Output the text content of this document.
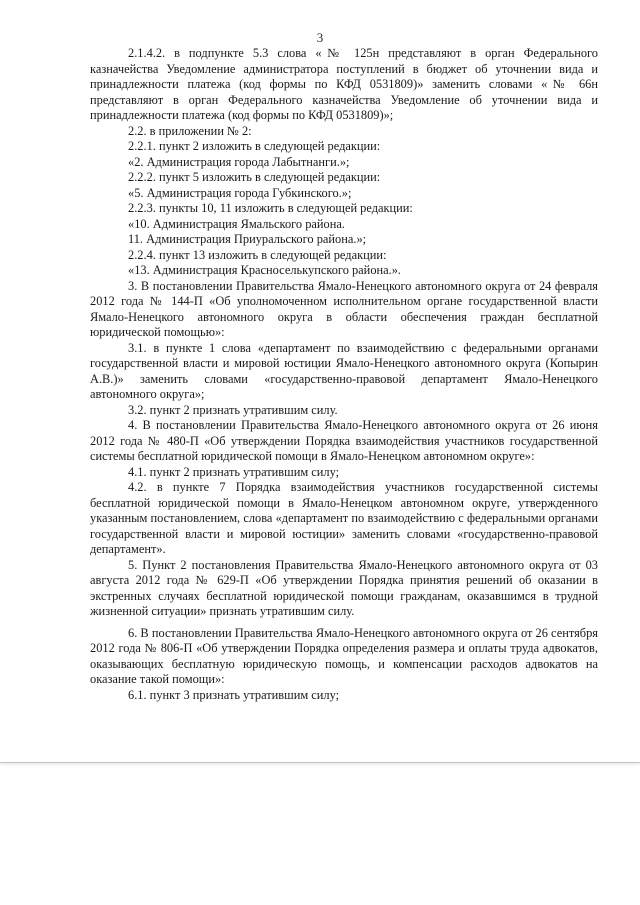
3

2.1.4.2. в подпункте 5.3 слова «№ 125н представляют в орган Федерального казначейства Уведомление администратора поступлений в бюджет об уточнении вида и принадлежности платежа (код формы по КФД 0531809)» заменить словами «№ 66н представляют в орган Федерального казначейства Уведомление об уточнении вида и принадлежности платежа (код формы по КФД 0531809)»;

2.2. в приложении № 2:

2.2.1. пункт 2 изложить в следующей редакции:

«2. Администрация города Лабытнанги.»;

2.2.2. пункт 5 изложить в следующей редакции:

«5. Администрация города Губкинского.»;

2.2.3. пункты 10, 11 изложить в следующей редакции:

«10. Администрация Ямальского района.

11. Администрация Приуральского района.»;

2.2.4. пункт 13 изложить в следующей редакции:

«13. Администрация Красноселькупского района.».

3. В постановлении Правительства Ямало-Ненецкого автономного округа от 24 февраля 2012 года № 144-П «Об уполномоченном исполнительном органе государственной власти Ямало-Ненецкого автономного округа в области обеспечения граждан бесплатной юридической помощью»:

3.1. в пункте 1 слова «департамент по взаимодействию с федеральными органами государственной власти и мировой юстиции Ямало-Ненецкого автономного округа (Копырин А.В.)» заменить словами «государственно-правовой департамент Ямало-Ненецкого автономного округа»;

3.2. пункт 2 признать утратившим силу.

4. В постановлении Правительства Ямало-Ненецкого автономного округа от 26 июня 2012 года № 480-П «Об утверждении Порядка взаимодействия участников государственной системы бесплатной юридической помощи в Ямало-Ненецком автономном округе»:

4.1. пункт 2 признать утратившим силу;

4.2. в пункте 7 Порядка взаимодействия участников государственной системы бесплатной юридической помощи в Ямало-Ненецком автономном округе, утвержденного указанным постановлением, слова «департамент по взаимодействию с федеральными органами государственной власти и мировой юстиции» заменить словами «государственно-правовой департамент».

5. Пункт 2 постановления Правительства Ямало-Ненецкого автономного округа от 03 августа 2012 года № 629-П «Об утверждении Порядка принятия решений об оказании в экстренных случаях бесплатной юридической помощи гражданам, оказавшимся в трудной жизненной ситуации» признать утратившим силу.

6. В постановлении Правительства Ямало-Ненецкого автономного округа от 26 сентября 2012 года № 806-П «Об утверждении Порядка определения размера и оплаты труда адвокатов, оказывающих бесплатную юридическую помощь, и компенсации расходов адвокатов на оказание такой помощи»:

6.1. пункт 3 признать утратившим силу;
